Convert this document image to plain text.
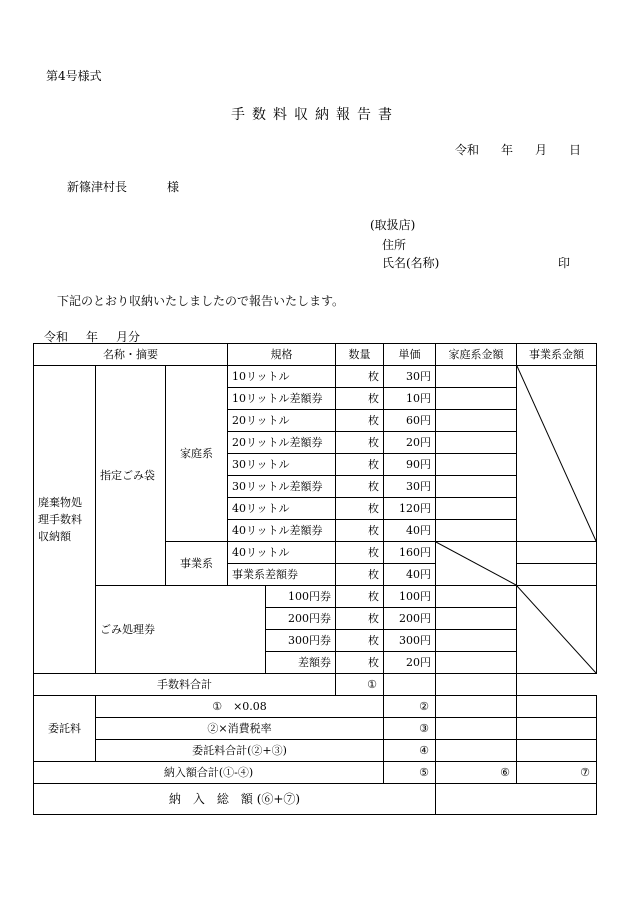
第4号様式
手数料収納報告書
令和 年 月 日
新篠津村長	様
(取扱店)
住所
氏名(名称)	印
下記のとおり収納いたしましたので報告いたします。
令和 年 月分
名称・摘要			規格		数量	単価	家庭系金額	事業系金額
廃棄物処理手数料収納額	指定ごみ袋	家庭系	10リットル		枚	30円		

			10リットル差額券		枚	10円		
			20リットル		枚	60円		
			20リットル差額券		枚	20円		
			30リットル		枚	90円		
			30リットル差額券		枚	30円		
			40リットル		枚	120円		
			40リットル差額券		枚	40円		
		事業系	40リットル		枚	160円	

			事業系差額券		枚	40円		
	ごみ処理券			100円券	枚	100円		

				200円券	枚	200円		
				300円券	枚	300円		
				差額券	枚	20円		
手数料合計					①			
委託料	①　×0.08					②		
	②×消費税率					③		
	委託料合計(②+③)					④		
納入額合計(①-④)						⑤	⑥	⑦
納　入　総　額 (⑥+⑦)								
